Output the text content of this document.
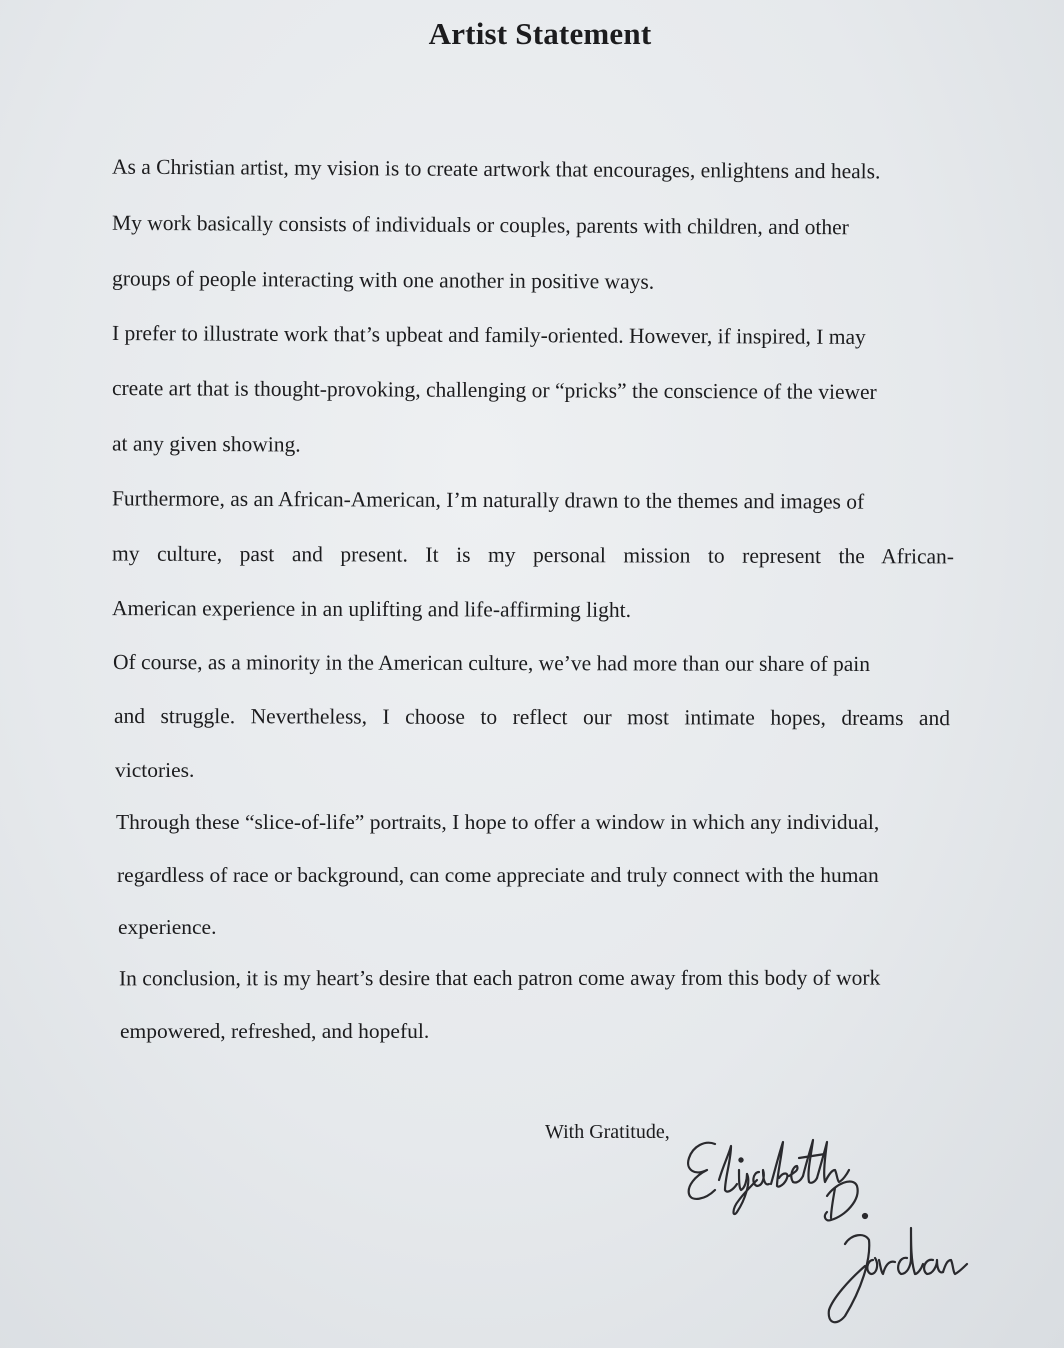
Artist Statement

As a Christian artist, my vision is to create artwork that encourages, enlightens and heals.

My work basically consists of individuals or couples, parents with children, and other

groups of people interacting with one another in positive ways.

I prefer to illustrate work that’s upbeat and family-oriented. However, if inspired, I may

create art that is thought-provoking, challenging or “pricks” the conscience of the viewer

at any given showing.

Furthermore, as an African-American, I’m naturally drawn to the themes and images of

my culture, past and present. It is my personal mission to represent the African-

American experience in an uplifting and life-affirming light.

Of course, as a minority in the American culture, we’ve had more than our share of pain

and struggle. Nevertheless, I choose to reflect our most intimate hopes, dreams and

victories.

Through these “slice-of-life” portraits, I hope to offer a window in which any individual,

regardless of race or background, can come appreciate and truly connect with the human

experience.

In conclusion, it is my heart’s desire that each patron come away from this body of work

empowered, refreshed, and hopeful.

With Gratitude,
